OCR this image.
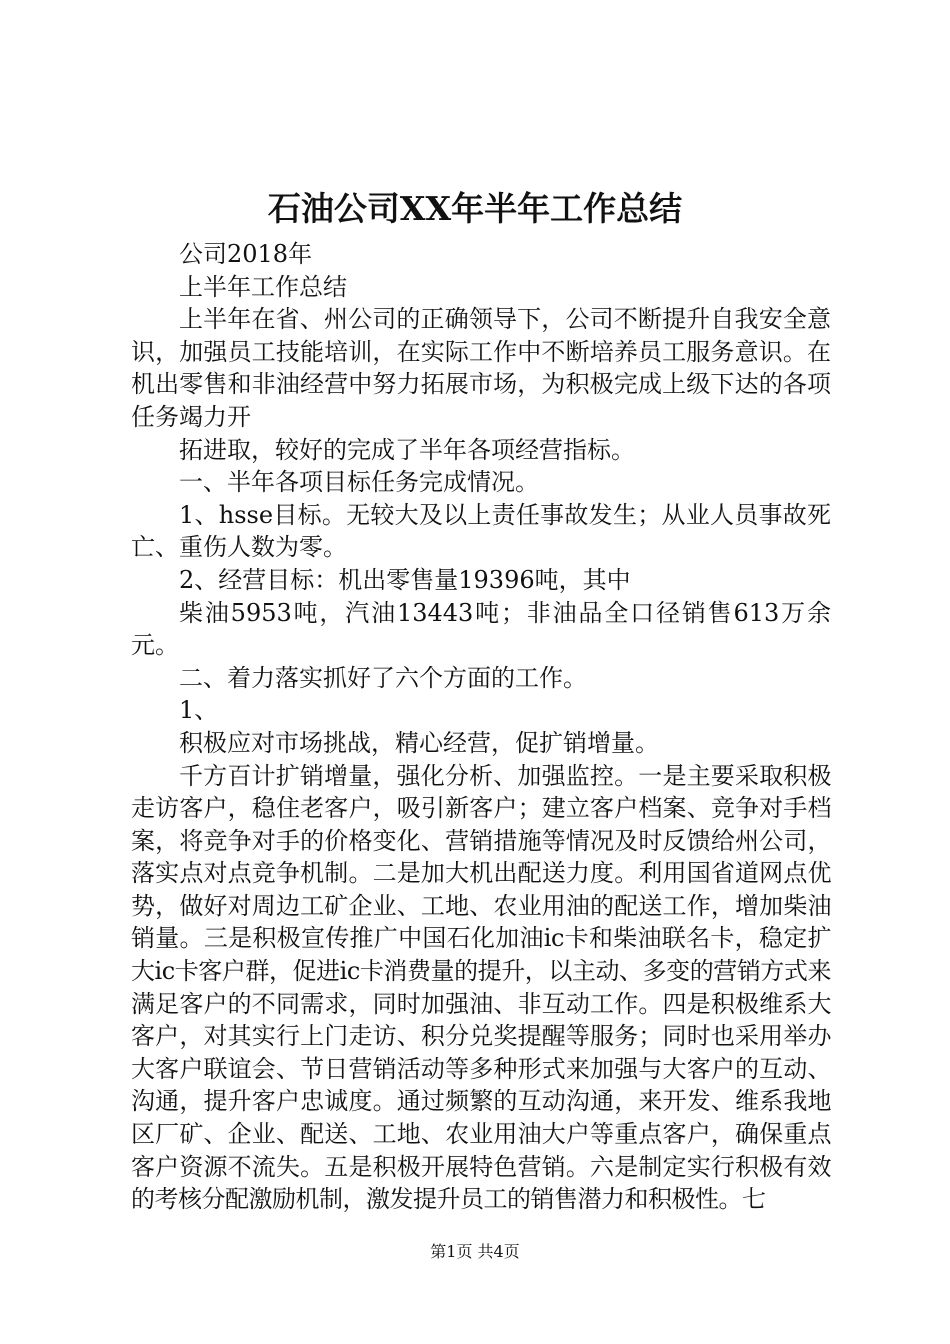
石油公司XX年半年工作总结

公司2018年

上半年工作总结

上半年在省、州公司的正确领导下，公司不断提升自我安全意识，加强员工技能培训，在实际工作中不断培养员工服务意识。在机出零售和非油经营中努力拓展市场，为积极完成上级下达的各项任务竭力开

拓进取，较好的完成了半年各项经营指标。

一、半年各项目标任务完成情况。

1、hsse目标。无较大及以上责任事故发生；从业人员事故死亡、重伤人数为零。

2、经营目标：机出零售量19396吨，其中

柴油5953吨，汽油13443吨；非油品全口径销售613万余元。

二、着力落实抓好了六个方面的工作。

1、

积极应对市场挑战，精心经营，促扩销增量。

千方百计扩销增量，强化分析、加强监控。一是主要采取积极走访客户，稳住老客户，吸引新客户；建立客户档案、竞争对手档案，将竞争对手的价格变化、营销措施等情况及时反馈给州公司，落实点对点竞争机制。二是加大机出配送力度。利用国省道网点优势，做好对周边工矿企业、工地、农业用油的配送工作，增加柴油销量。三是积极宣传推广中国石化加油ic卡和柴油联名卡，稳定扩大ic卡客户群，促进ic卡消费量的提升，以主动、多变的营销方式来满足客户的不同需求，同时加强油、非互动工作。四是积极维系大客户，对其实行上门走访、积分兑奖提醒等服务；同时也采用举办大客户联谊会、节日营销活动等多种形式来加强与大客户的互动、沟通，提升客户忠诚度。通过频繁的互动沟通，来开发、维系我地区厂矿、企业、配送、工地、农业用油大户等重点客户，确保重点客户资源不流失。五是积极开展特色营销。六是制定实行积极有效的考核分配激励机制，激发提升员工的销售潜力和积极性。七

第1页 共4页
